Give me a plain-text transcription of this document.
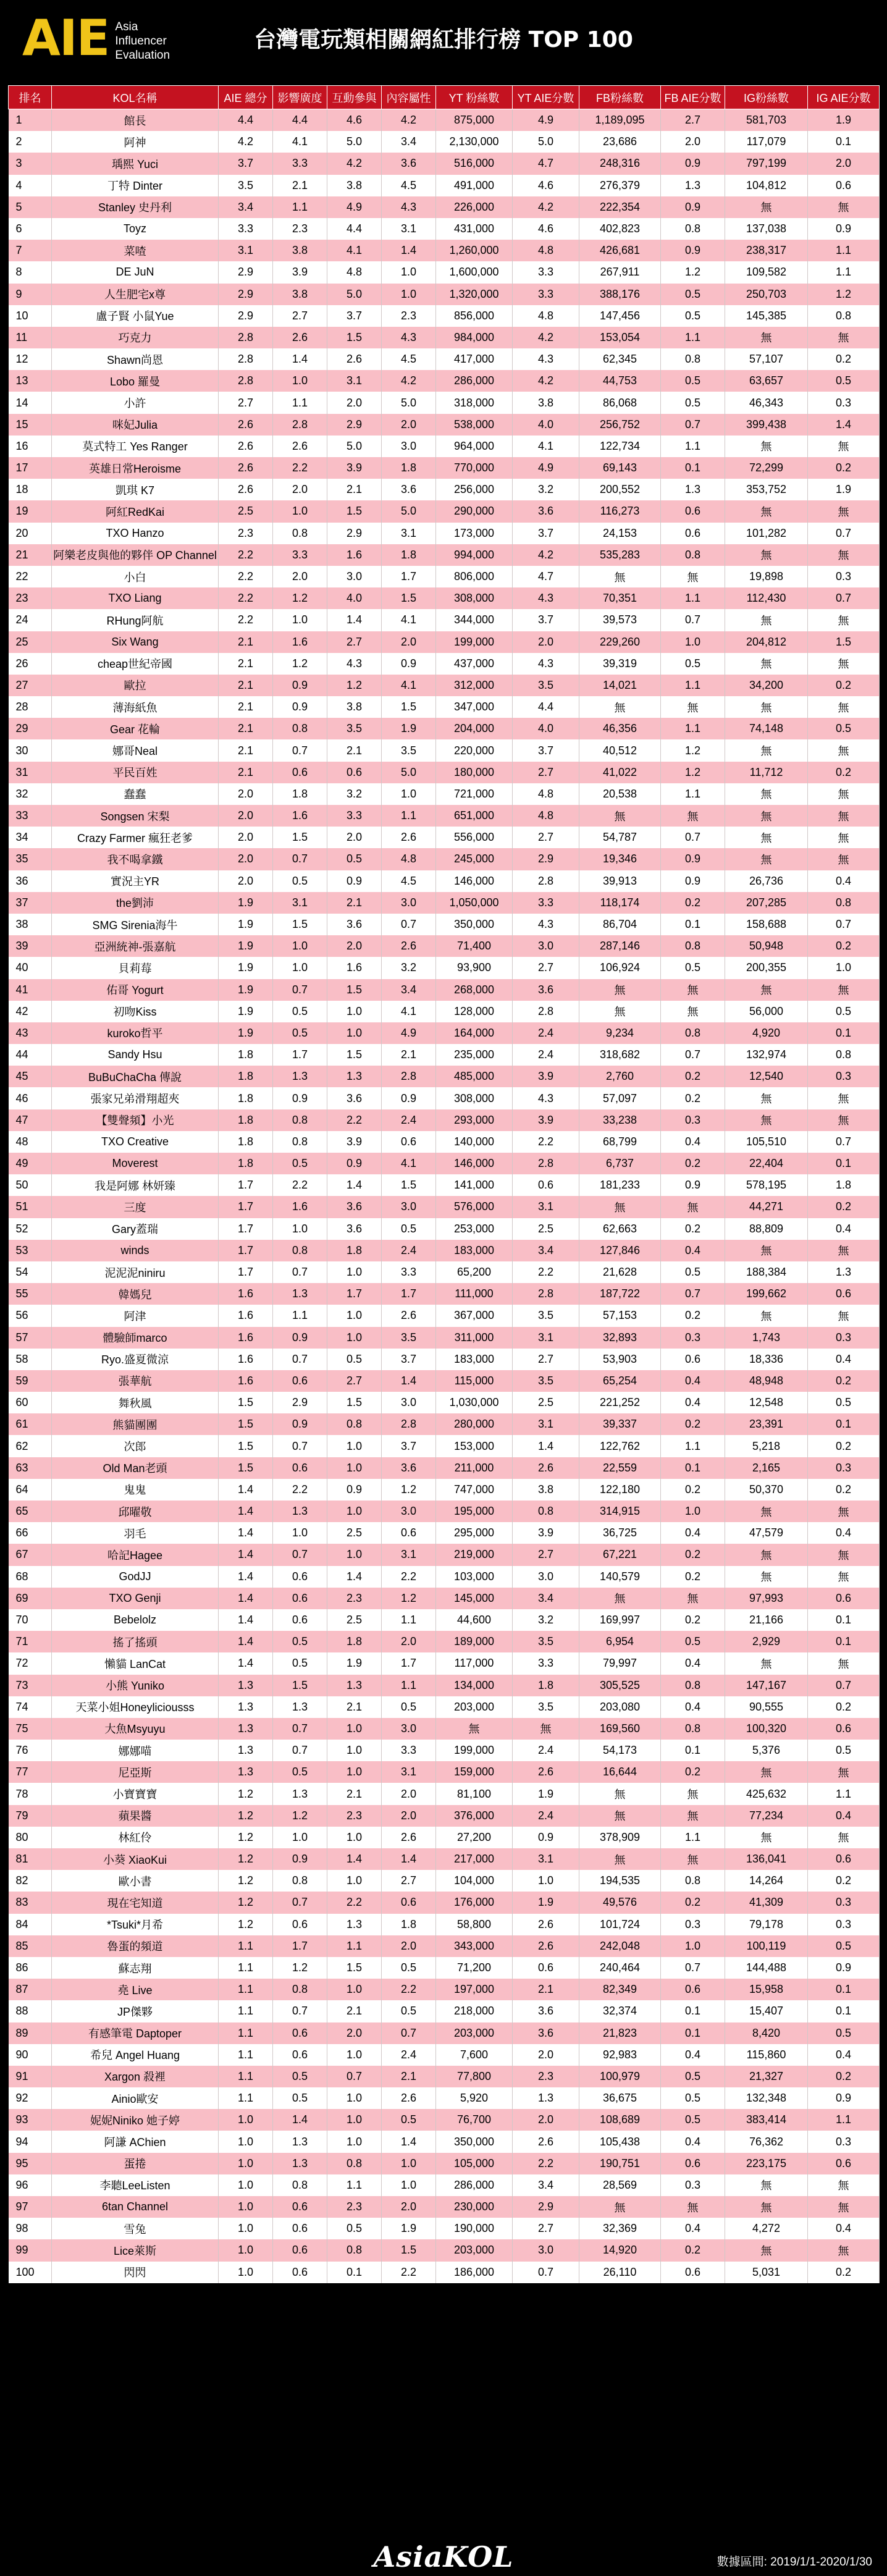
AIE Asia
Influencer
Evaluation
台灣電玩類相關網紅排行榜 TOP 100
排名	KOL名稱	AIE 總分	影響廣度	互動參與	內容屬性	YT 粉絲數	YT AIE分數	FB粉絲數	FB AIE分數	IG粉絲數	IG AIE分數
1	館長	4.4	4.4	4.6	4.2	875,000	4.9	1,189,095	2.7	581,703	1.9
2	阿神	4.2	4.1	5.0	3.4	2,130,000	5.0	23,686	2.0	117,079	0.1
3	瑀熙 Yuci	3.7	3.3	4.2	3.6	516,000	4.7	248,316	0.9	797,199	2.0
4	丁特 Dinter	3.5	2.1	3.8	4.5	491,000	4.6	276,379	1.3	104,812	0.6
5	Stanley 史丹利	3.4	1.1	4.9	4.3	226,000	4.2	222,354	0.9	無	無
6	Toyz	3.3	2.3	4.4	3.1	431,000	4.6	402,823	0.8	137,038	0.9
7	菜喳	3.1	3.8	4.1	1.4	1,260,000	4.8	426,681	0.9	238,317	1.1
8	DE JuN	2.9	3.9	4.8	1.0	1,600,000	3.3	267,911	1.2	109,582	1.1
9	人生肥宅x尊	2.9	3.8	5.0	1.0	1,320,000	3.3	388,176	0.5	250,703	1.2
10	盧子賢 小鼠Yue	2.9	2.7	3.7	2.3	856,000	4.8	147,456	0.5	145,385	0.8
11	巧克力	2.8	2.6	1.5	4.3	984,000	4.2	153,054	1.1	無	無
12	Shawn尚恩	2.8	1.4	2.6	4.5	417,000	4.3	62,345	0.8	57,107	0.2
13	Lobo 羅曼	2.8	1.0	3.1	4.2	286,000	4.2	44,753	0.5	63,657	0.5
14	小許	2.7	1.1	2.0	5.0	318,000	3.8	86,068	0.5	46,343	0.3
15	咪妃Julia	2.6	2.8	2.9	2.0	538,000	4.0	256,752	0.7	399,438	1.4
16	莫式特工 Yes Ranger	2.6	2.6	5.0	3.0	964,000	4.1	122,734	1.1	無	無
17	英雄日常Heroisme	2.6	2.2	3.9	1.8	770,000	4.9	69,143	0.1	72,299	0.2
18	凱琪 K7	2.6	2.0	2.1	3.6	256,000	3.2	200,552	1.3	353,752	1.9
19	阿紅RedKai	2.5	1.0	1.5	5.0	290,000	3.6	116,273	0.6	無	無
20	TXO Hanzo	2.3	0.8	2.9	3.1	173,000	3.7	24,153	0.6	101,282	0.7
21	阿樂老皮與他的夥伴 OP Channel	2.2	3.3	1.6	1.8	994,000	4.2	535,283	0.8	無	無
22	小白	2.2	2.0	3.0	1.7	806,000	4.7	無	無	19,898	0.3
23	TXO Liang	2.2	1.2	4.0	1.5	308,000	4.3	70,351	1.1	112,430	0.7
24	RHung阿航	2.2	1.0	1.4	4.1	344,000	3.7	39,573	0.7	無	無
25	Six Wang	2.1	1.6	2.7	2.0	199,000	2.0	229,260	1.0	204,812	1.5
26	cheap世紀帝國	2.1	1.2	4.3	0.9	437,000	4.3	39,319	0.5	無	無
27	歐拉	2.1	0.9	1.2	4.1	312,000	3.5	14,021	1.1	34,200	0.2
28	薄海紙魚	2.1	0.9	3.8	1.5	347,000	4.4	無	無	無	無
29	Gear 花輪	2.1	0.8	3.5	1.9	204,000	4.0	46,356	1.1	74,148	0.5
30	娜哥Neal	2.1	0.7	2.1	3.5	220,000	3.7	40,512	1.2	無	無
31	平民百姓	2.1	0.6	0.6	5.0	180,000	2.7	41,022	1.2	11,712	0.2
32	蠢蠢	2.0	1.8	3.2	1.0	721,000	4.8	20,538	1.1	無	無
33	Songsen 宋梨	2.0	1.6	3.3	1.1	651,000	4.8	無	無	無	無
34	Crazy Farmer 瘋狂老爹	2.0	1.5	2.0	2.6	556,000	2.7	54,787	0.7	無	無
35	我不喝拿鐵	2.0	0.7	0.5	4.8	245,000	2.9	19,346	0.9	無	無
36	實況主YR	2.0	0.5	0.9	4.5	146,000	2.8	39,913	0.9	26,736	0.4
37	the劉沛	1.9	3.1	2.1	3.0	1,050,000	3.3	118,174	0.2	207,285	0.8
38	SMG Sirenia海牛	1.9	1.5	3.6	0.7	350,000	4.3	86,704	0.1	158,688	0.7
39	亞洲統神-張嘉航	1.9	1.0	2.0	2.6	71,400	3.0	287,146	0.8	50,948	0.2
40	貝莉莓	1.9	1.0	1.6	3.2	93,900	2.7	106,924	0.5	200,355	1.0
41	佑哥 Yogurt	1.9	0.7	1.5	3.4	268,000	3.6	無	無	無	無
42	初吻Kiss	1.9	0.5	1.0	4.1	128,000	2.8	無	無	56,000	0.5
43	kuroko哲平	1.9	0.5	1.0	4.9	164,000	2.4	9,234	0.8	4,920	0.1
44	Sandy Hsu	1.8	1.7	1.5	2.1	235,000	2.4	318,682	0.7	132,974	0.8
45	BuBuChaCha 傳說	1.8	1.3	1.3	2.8	485,000	3.9	2,760	0.2	12,540	0.3
46	張家兄弟滑翔超夾	1.8	0.9	3.6	0.9	308,000	4.3	57,097	0.2	無	無
47	【雙聲頻】小光	1.8	0.8	2.2	2.4	293,000	3.9	33,238	0.3	無	無
48	TXO Creative	1.8	0.8	3.9	0.6	140,000	2.2	68,799	0.4	105,510	0.7
49	Moverest	1.8	0.5	0.9	4.1	146,000	2.8	6,737	0.2	22,404	0.1
50	我是阿娜 林妍臻	1.7	2.2	1.4	1.5	141,000	0.6	181,233	0.9	578,195	1.8
51	三度	1.7	1.6	3.6	3.0	576,000	3.1	無	無	44,271	0.2
52	Gary蓋瑞	1.7	1.0	3.6	0.5	253,000	2.5	62,663	0.2	88,809	0.4
53	winds	1.7	0.8	1.8	2.4	183,000	3.4	127,846	0.4	無	無
54	泥泥泥niniru	1.7	0.7	1.0	3.3	65,200	2.2	21,628	0.5	188,384	1.3
55	韓媽兒	1.6	1.3	1.7	1.7	111,000	2.8	187,722	0.7	199,662	0.6
56	阿津	1.6	1.1	1.0	2.6	367,000	3.5	57,153	0.2	無	無
57	體驗師marco	1.6	0.9	1.0	3.5	311,000	3.1	32,893	0.3	1,743	0.3
58	Ryo.盛夏微涼	1.6	0.7	0.5	3.7	183,000	2.7	53,903	0.6	18,336	0.4
59	張華航	1.6	0.6	2.7	1.4	115,000	3.5	65,254	0.4	48,948	0.2
60	舞秋風	1.5	2.9	1.5	3.0	1,030,000	2.5	221,252	0.4	12,548	0.5
61	熊貓團團	1.5	0.9	0.8	2.8	280,000	3.1	39,337	0.2	23,391	0.1
62	次郎	1.5	0.7	1.0	3.7	153,000	1.4	122,762	1.1	5,218	0.2
63	Old Man老頭	1.5	0.6	1.0	3.6	211,000	2.6	22,559	0.1	2,165	0.3
64	鬼鬼	1.4	2.2	0.9	1.2	747,000	3.8	122,180	0.2	50,370	0.2
65	邱曜敬	1.4	1.3	1.0	3.0	195,000	0.8	314,915	1.0	無	無
66	羽毛	1.4	1.0	2.5	0.6	295,000	3.9	36,725	0.4	47,579	0.4
67	哈記Hagee	1.4	0.7	1.0	3.1	219,000	2.7	67,221	0.2	無	無
68	GodJJ	1.4	0.6	1.4	2.2	103,000	3.0	140,579	0.2	無	無
69	TXO Genji	1.4	0.6	2.3	1.2	145,000	3.4	無	無	97,993	0.6
70	Bebelolz	1.4	0.6	2.5	1.1	44,600	3.2	169,997	0.2	21,166	0.1
71	搖了搖頭	1.4	0.5	1.8	2.0	189,000	3.5	6,954	0.5	2,929	0.1
72	懶貓 LanCat	1.4	0.5	1.9	1.7	117,000	3.3	79,997	0.4	無	無
73	小熊 Yuniko	1.3	1.5	1.3	1.1	134,000	1.8	305,525	0.8	147,167	0.7
74	天菜小姐Honeyliciousss	1.3	1.3	2.1	0.5	203,000	3.5	203,080	0.4	90,555	0.2
75	大魚Msyuyu	1.3	0.7	1.0	3.0	無	無	169,560	0.8	100,320	0.6
76	娜娜喵	1.3	0.7	1.0	3.3	199,000	2.4	54,173	0.1	5,376	0.5
77	尼亞斯	1.3	0.5	1.0	3.1	159,000	2.6	16,644	0.2	無	無
78	小寶寶寶	1.2	1.3	2.1	2.0	81,100	1.9	無	無	425,632	1.1
79	蘋果醬	1.2	1.2	2.3	2.0	376,000	2.4	無	無	77,234	0.4
80	林紅伶	1.2	1.0	1.0	2.6	27,200	0.9	378,909	1.1	無	無
81	小葵 XiaoKui	1.2	0.9	1.4	1.4	217,000	3.1	無	無	136,041	0.6
82	歐小書	1.2	0.8	1.0	2.7	104,000	1.0	194,535	0.8	14,264	0.2
83	現在宅知道	1.2	0.7	2.2	0.6	176,000	1.9	49,576	0.2	41,309	0.3
84	*Tsuki*月希	1.2	0.6	1.3	1.8	58,800	2.6	101,724	0.3	79,178	0.3
85	魯蛋的頻道	1.1	1.7	1.1	2.0	343,000	2.6	242,048	1.0	100,119	0.5
86	蘇志翔	1.1	1.2	1.5	0.5	71,200	0.6	240,464	0.7	144,488	0.9
87	堯 Live	1.1	0.8	1.0	2.2	197,000	2.1	82,349	0.6	15,958	0.1
88	JP傑夥	1.1	0.7	2.1	0.5	218,000	3.6	32,374	0.1	15,407	0.1
89	有感筆電 Daptoper	1.1	0.6	2.0	0.7	203,000	3.6	21,823	0.1	8,420	0.5
90	希兒 Angel Huang	1.1	0.6	1.0	2.4	7,600	2.0	92,983	0.4	115,860	0.4
91	Xargon 殺裡	1.1	0.5	0.7	2.1	77,800	2.3	100,979	0.5	21,327	0.2
92	Ainio歐安	1.1	0.5	1.0	2.6	5,920	1.3	36,675	0.5	132,348	0.9
93	妮妮Niniko 她子婷	1.0	1.4	1.0	0.5	76,700	2.0	108,689	0.5	383,414	1.1
94	阿謙 AChien	1.0	1.3	1.0	1.4	350,000	2.6	105,438	0.4	76,362	0.3
95	蛋捲	1.0	1.3	0.8	1.0	105,000	2.2	190,751	0.6	223,175	0.6
96	李聽LeeListen	1.0	0.8	1.1	1.0	286,000	3.4	28,569	0.3	無	無
97	6tan Channel	1.0	0.6	2.3	2.0	230,000	2.9	無	無	無	無
98	雪兔	1.0	0.6	0.5	1.9	190,000	2.7	32,369	0.4	4,272	0.4
99	Lice萊斯	1.0	0.6	0.8	1.5	203,000	3.0	14,920	0.2	無	無
100	閃閃	1.0	0.6	0.1	2.2	186,000	0.7	26,110	0.6	5,031	0.2
AsiaKOL	數據區間: 2019/1/1-2020/1/30
